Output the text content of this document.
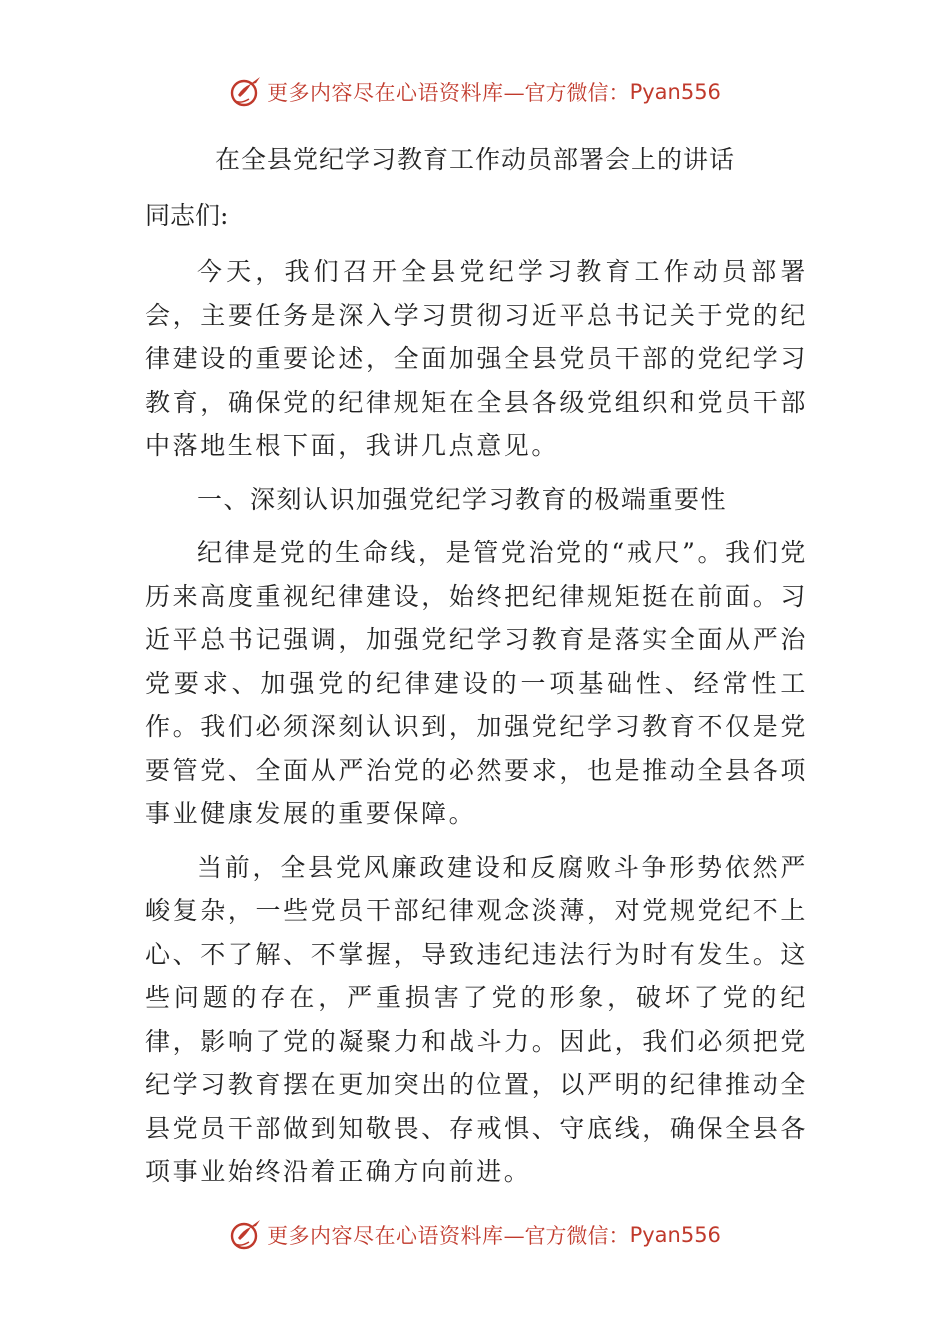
更多内容尽在心语资料库 —官方微信： Pyan556
在全县党纪学习教育工作动员部署会上的讲话

同志们:

今天，我们召开全县党纪学习教育工作动员部署会，主要任务是深入学习贯彻习近平总书记关于党的纪律建设的重要论述，全面加强全县党员干部的党纪学习教育，确保党的纪律规矩在全县各级党组织和党员干部中落地生根下面，我讲几点意见。

一、深刻认识加强党纪学习教育的极端重要性

纪律是党的生命线，是管党治党的“戒尺”。我们党历来高度重视纪律建设，始终把纪律规矩挺在前面。习近平总书记强调，加强党纪学习教育是落实全面从严治党要求、加强党的纪律建设的一项基础性、经常性工作。我们必须深刻认识到，加强党纪学习教育不仅是党要管党、全面从严治党的必然要求，也是推动全县各项事业健康发展的重要保障。

当前，全县党风廉政建设和反腐败斗争形势依然严峻复杂，一些党员干部纪律观念淡薄，对党规党纪不上心、不了解、不掌握，导致违纪违法行为时有发生。这些问题的存在，严重损害了党的形象，破坏了党的纪律，影响了党的凝聚力和战斗力。因此，我们必须把党纪学习教育摆在更加突出的位置，以严明的纪律推动全县党员干部做到知敬畏、存戒惧、守底线，确保全县各项事业始终沿着正确方向前进。

更多内容尽在心语资料库 —官方微信： Pyan556
